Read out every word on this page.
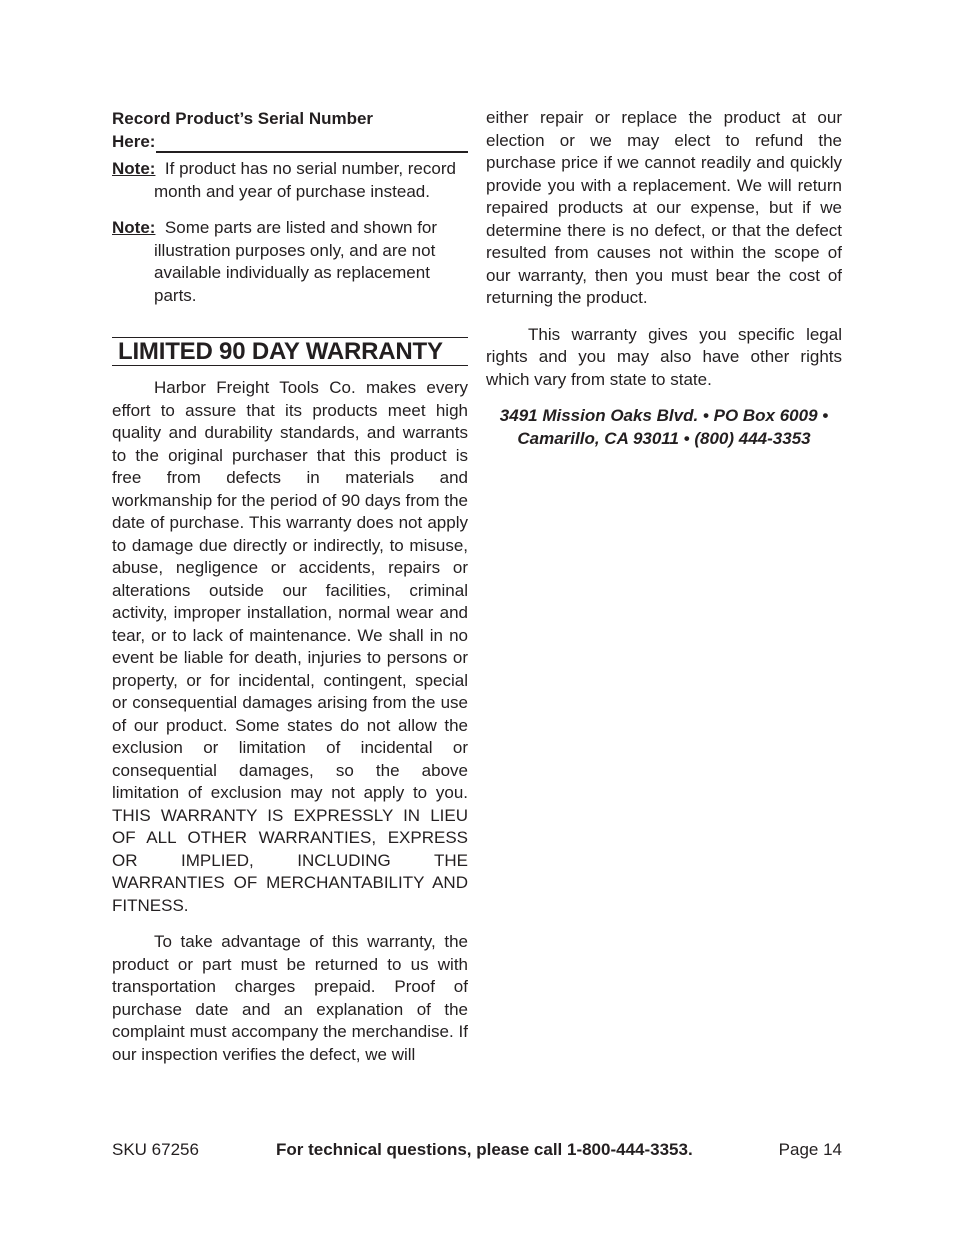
Record Product’s Serial Number
Here:
Note: If product has no serial number, record month and year of purchase instead.
Note: Some parts are listed and shown for illustration purposes only, and are not available individually as replacement parts.
LIMITED 90 DAY WARRANTY

Harbor Freight Tools Co. makes every effort to assure that its products meet high quality and durability standards, and warrants to the original purchaser that this product is free from defects in materials and workmanship for the period of 90 days from the date of purchase. This warranty does not apply to damage due directly or indirectly, to misuse, abuse, negligence or accidents, repairs or alterations outside our facilities, criminal activity, improper installation, normal wear and tear, or to lack of maintenance. We shall in no event be liable for death, injuries to persons or property, or for incidental, contingent, special or consequential damages arising from the use of our product. Some states do not allow the exclusion or limitation of incidental or consequential damages, so the above limitation of exclusion may not apply to you. THIS WARRANTY IS EXPRESSLY IN LIEU OF ALL OTHER WARRANTIES, EXPRESS OR IMPLIED, INCLUDING THE WARRANTIES OF MERCHANTABILITY AND FITNESS.

To take advantage of this warranty, the product or part must be returned to us with transportation charges prepaid. Proof of purchase date and an explanation of the complaint must accompany the merchandise. If our inspection verifies the defect, we will

either repair or replace the product at our election or we may elect to refund the purchase price if we cannot readily and quickly provide you with a replacement. We will return repaired products at our expense, but if we determine there is no defect, or that the defect resulted from causes not within the scope of our warranty, then you must bear the cost of returning the product.

This warranty gives you specific legal rights and you may also have other rights which vary from state to state.

3491 Mission Oaks Blvd. • PO Box 6009 • Camarillo, CA 93011 • (800) 444-3353
SKU 67256	For technical questions, please call 1-800-444-3353.	Page 14
